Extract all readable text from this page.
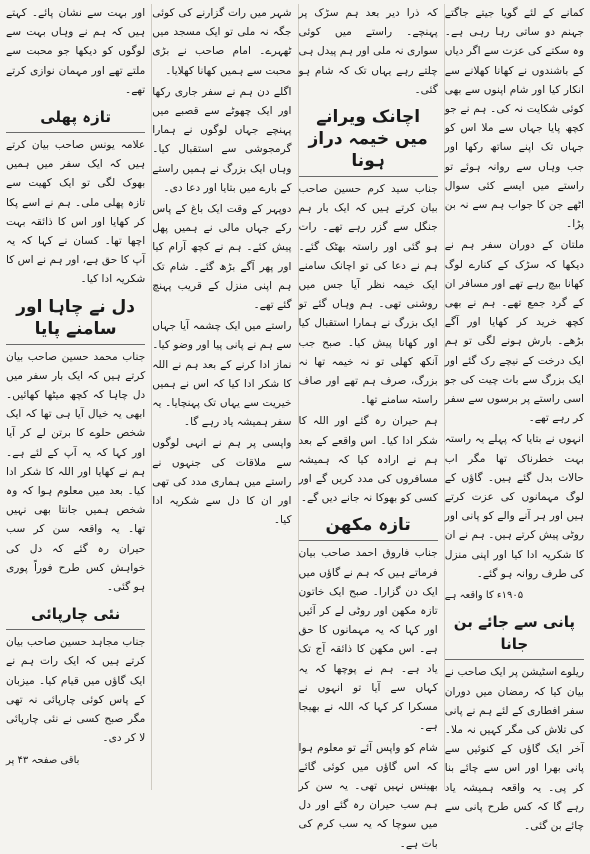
کمانے کے لئے گویا جیتے جاگتے جہنم دو ساتی رہا رہی ہے۔ وہ سکتے کی عزت سے اگر دیاں کے باشندوں نے کھانا کھلانے سے انکار کیا اور شام اپنوں سے بھی کوئی شکایت نہ کی۔ ہم نے جو کچھ پایا جہاں سے ملا اس کو جہاں تک اپنے ساتھ رکھا اور جب وہاں سے روانہ ہوئے تو راستے میں ایسے کئی سوال اٹھے جن کا جواب ہم سے نہ بن پڑا۔

ملتان کے دوران سفر ہم نے دیکھا کہ سڑک کے کنارے لوگ کھانا بیچ رہے تھے اور مسافر ان کے گرد جمع تھے۔ ہم نے بھی کچھ خرید کر کھایا اور آگے بڑھے۔ بارش ہونے لگی تو ہم ایک درخت کے نیچے رک گئے اور ایک بزرگ سے بات چیت کی جو اسی راستے پر برسوں سے سفر کر رہے تھے۔

انہوں نے بتایا کہ پہلے یہ راستہ بہت خطرناک تھا مگر اب حالات بدل گئے ہیں۔ گاؤں کے لوگ مہمانوں کی عزت کرتے ہیں اور ہر آنے والے کو پانی اور روٹی پیش کرتے ہیں۔ ہم نے ان کا شکریہ ادا کیا اور اپنی منزل کی طرف روانہ ہو گئے۔

۱۹۰۵ء کا واقعہ ہے
پانی سے جائے بن جانا

ریلوے اسٹیشن پر ایک صاحب نے بیان کیا کہ رمضان میں دوران سفر افطاری کے لئے ہم نے پانی کی تلاش کی مگر کہیں نہ ملا۔ آخر ایک گاؤں کے کنوئیں سے پانی بھرا اور اس سے چائے بنا کر پی۔ یہ واقعہ ہمیشہ یاد رہے گا کہ کس طرح پانی سے چائے بن گئی۔

کہ ذرا دیر بعد ہم سڑک پر پہنچے۔ راستے میں کوئی سواری نہ ملی اور ہم پیدل ہی چلتے رہے یہاں تک کہ شام ہو گئی۔

اچانک ویرانے میں خیمہ دراز ہونا

جناب سید کرم حسین صاحب بیان کرتے ہیں کہ ایک بار ہم جنگل سے گزر رہے تھے۔ رات ہو گئی اور راستہ بھٹک گئے۔ ہم نے دعا کی تو اچانک سامنے ایک خیمہ نظر آیا جس میں روشنی تھی۔ ہم وہاں گئے تو ایک بزرگ نے ہمارا استقبال کیا اور کھانا پیش کیا۔ صبح جب آنکھ کھلی تو نہ خیمہ تھا نہ بزرگ، صرف ہم تھے اور صاف راستہ سامنے تھا۔

ہم حیران رہ گئے اور اللہ کا شکر ادا کیا۔ اس واقعے کے بعد ہم نے ارادہ کیا کہ ہمیشہ مسافروں کی مدد کریں گے اور کسی کو بھوکا نہ جانے دیں گے۔

تازہ مکھن

جناب فاروق احمد صاحب بیان فرماتے ہیں کہ ہم نے گاؤں میں ایک دن گزارا۔ صبح ایک خاتون تازہ مکھن اور روٹی لے کر آئیں اور کہا کہ یہ مہمانوں کا حق ہے۔ اس مکھن کا ذائقہ آج تک یاد ہے۔ ہم نے پوچھا کہ یہ کہاں سے آیا تو انہوں نے مسکرا کر کہا کہ اللہ نے بھیجا ہے۔

شام کو واپس آئے تو معلوم ہوا کہ اس گاؤں میں کوئی گائے بھینس نہیں تھی۔ یہ سن کر ہم سب حیران رہ گئے اور دل میں سوچا کہ یہ سب کرم کی بات ہے۔

شہر میں رات گزارنے کی کوئی جگہ نہ ملی تو ایک مسجد میں ٹھہرے۔ امام صاحب نے بڑی محبت سے ہمیں کھانا کھلایا۔

اگلے دن ہم نے سفر جاری رکھا اور ایک چھوٹے سے قصبے میں پہنچے جہاں لوگوں نے ہمارا گرمجوشی سے استقبال کیا۔ وہاں ایک بزرگ نے ہمیں راستے کے بارے میں بتایا اور دعا دی۔

دوپہر کے وقت ایک باغ کے پاس رکے جہاں مالی نے ہمیں پھل پیش کئے۔ ہم نے کچھ آرام کیا اور پھر آگے بڑھ گئے۔ شام تک ہم اپنی منزل کے قریب پہنچ گئے تھے۔

راستے میں ایک چشمہ آیا جہاں سے ہم نے پانی پیا اور وضو کیا۔ نماز ادا کرنے کے بعد ہم نے اللہ کا شکر ادا کیا کہ اس نے ہمیں خیریت سے یہاں تک پہنچایا۔ یہ سفر ہمیشہ یاد رہے گا۔

واپسی پر ہم نے انہی لوگوں سے ملاقات کی جنہوں نے راستے میں ہماری مدد کی تھی اور ان کا دل سے شکریہ ادا کیا۔

اور بہت سے نشان پائے۔ کہتے ہیں کہ ہم نے وہاں بہت سے لوگوں کو دیکھا جو محبت سے ملتے تھے اور مہمان نوازی کرتے تھے۔

تازہ پھلی

علامہ یونس صاحب بیان کرتے ہیں کہ ایک سفر میں ہمیں بھوک لگی تو ایک کھیت سے تازہ پھلی ملی۔ ہم نے اسے پکا کر کھایا اور اس کا ذائقہ بہت اچھا تھا۔ کسان نے کہا کہ یہ آپ کا حق ہے، اور ہم نے اس کا شکریہ ادا کیا۔

دل نے چاہا اور سامنے پایا

جناب محمد حسین صاحب بیان کرتے ہیں کہ ایک بار سفر میں دل چاہا کہ کچھ میٹھا کھائیں۔ ابھی یہ خیال آیا ہی تھا کہ ایک شخص حلوے کا برتن لے کر آیا اور کہا کہ یہ آپ کے لئے ہے۔ ہم نے کھایا اور اللہ کا شکر ادا کیا۔ بعد میں معلوم ہوا کہ وہ شخص ہمیں جانتا بھی نہیں تھا۔ یہ واقعہ سن کر سب حیران رہ گئے کہ دل کی خواہش کس طرح فوراً پوری ہو گئی۔

نئی چارپائی

جناب مجاہد حسین صاحب بیان کرتے ہیں کہ ایک رات ہم نے ایک گاؤں میں قیام کیا۔ میزبان کے پاس کوئی چارپائی نہ تھی مگر صبح کسی نے نئی چارپائی لا کر دی۔

باقی صفحہ ۴۳ پر
